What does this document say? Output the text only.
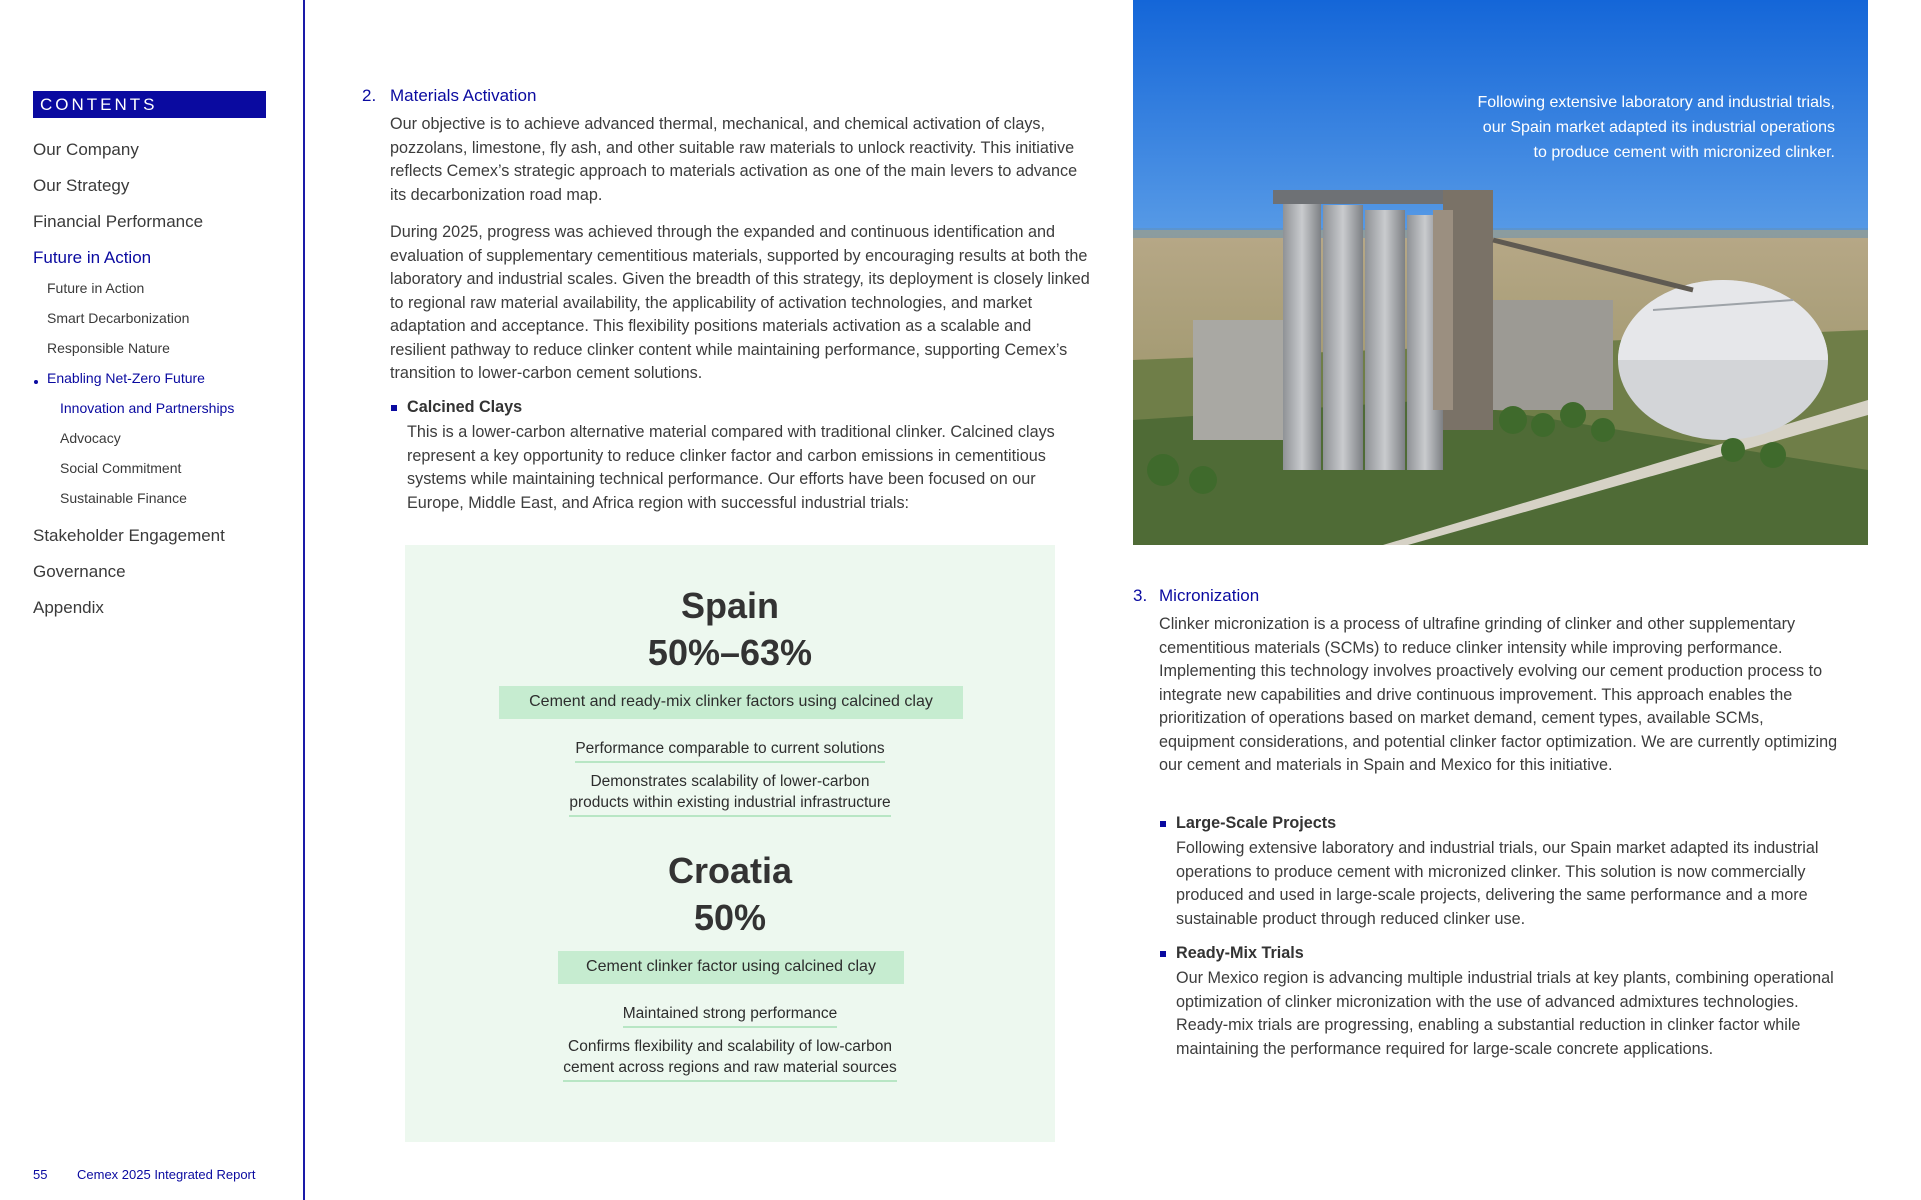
CONTENTS
Our Company
Our Strategy
Financial Performance
Future in Action
Future in Action
Smart Decarbonization
Responsible Nature
Enabling Net-Zero Future
Innovation and Partnerships
Advocacy
Social Commitment
Sustainable Finance
Stakeholder Engagement
Governance
Appendix
55 Cemex 2025 Integrated Report
2. Materials Activation
Our objective is to achieve advanced thermal, mechanical, and chemical activation of clays, pozzolans, limestone, fly ash, and other suitable raw materials to unlock reactivity. This initiative reflects Cemex’s strategic approach to materials activation as one of the main levers to advance its decarbonization road map.
During 2025, progress was achieved through the expanded and continuous identification and evaluation of supplementary cementitious materials, supported by encouraging results at both the laboratory and industrial scales. Given the breadth of this strategy, its deployment is closely linked to regional raw material availability, the applicability of activation technologies, and market adaptation and acceptance. This flexibility positions materials activation as a scalable and resilient pathway to reduce clinker content while maintaining performance, supporting Cemex’s transition to lower-carbon cement solutions.
Calcined Clays
This is a lower-carbon alternative material compared with traditional clinker. Calcined clays represent a key opportunity to reduce clinker factor and carbon emissions in cementitious systems while maintaining technical performance. Our efforts have been focused on our Europe, Middle East, and Africa region with successful industrial trials:
Spain
50%–63%
Cement and ready-mix clinker factors using calcined clay
Performance comparable to current solutions
Demonstrates scalability of lower-carbon
products within existing industrial infrastructure
Croatia
50%
Cement clinker factor using calcined clay
Maintained strong performance
Confirms flexibility and scalability of low-carbon
cement across regions and raw material sources
Following extensive laboratory and industrial trials,
our Spain market adapted its industrial operations
to produce cement with micronized clinker.
3. Micronization
Clinker micronization is a process of ultrafine grinding of clinker and other supplementary cementitious materials (SCMs) to reduce clinker intensity while improving performance. Implementing this technology involves proactively evolving our cement production process to integrate new capabilities and drive continuous improvement. This approach enables the prioritization of operations based on market demand, cement types, available SCMs, equipment considerations, and potential clinker factor optimization. We are currently optimizing our cement and materials in Spain and Mexico for this initiative.
Large-Scale Projects
Following extensive laboratory and industrial trials, our Spain market adapted its industrial operations to produce cement with micronized clinker. This solution is now commercially produced and used in large-scale projects, delivering the same performance and a more sustainable product through reduced clinker use.
Ready-Mix Trials
Our Mexico region is advancing multiple industrial trials at key plants, combining operational optimization of clinker micronization with the use of advanced admixtures technologies. Ready-mix trials are progressing, enabling a substantial reduction in clinker factor while maintaining the performance required for large-scale concrete applications.
